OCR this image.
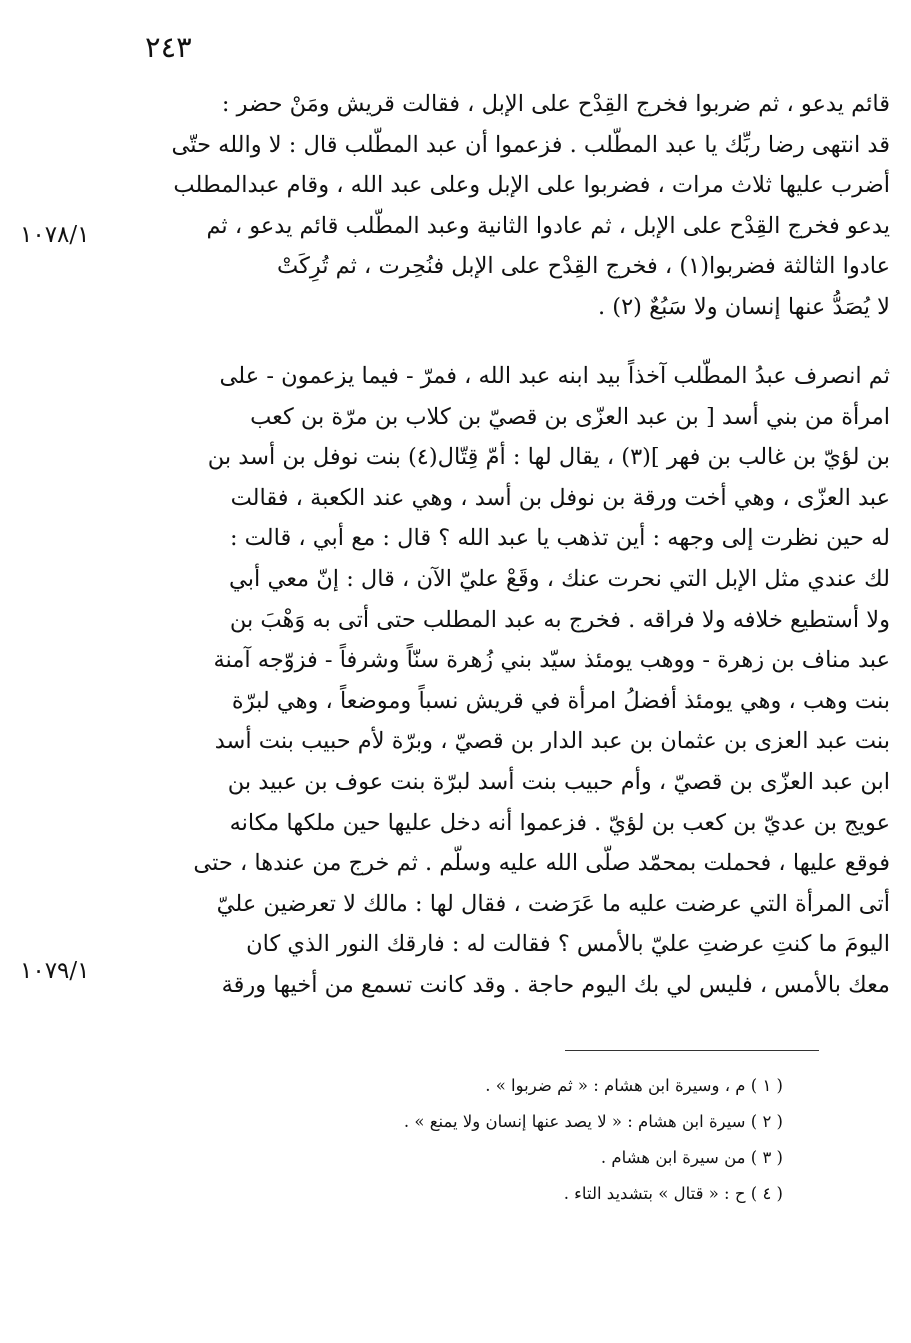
٢٤٣
قائم يدعو ، ثم ضربوا فخرج القِدْح على الإبل ، فقالت قريش ومَنْ حضر :
قد انتهى رضا ربِّك يا عبد المطّلب . فزعموا أن عبد المطّلب قال : لا والله حتّى
أضرب عليها ثلاث مرات ، فضربوا على الإبل وعلى عبد الله ، وقام عبدالمطلب
يدعو فخرج القِدْح على الإبل ، ثم عادوا الثانية وعبد المطّلب قائم يدعو ، ثم
عادوا الثالثة فضربوا(١) ، فخرج القِدْح على الإبل فنُحِرت ، ثم تُرِكَتْ
لا يُصَدُّ عنها إنسان ولا سَبُعٌ (٢) .
ثم انصرف عبدُ المطّلب آخذاً بيد ابنه عبد الله ، فمرّ - فيما يزعمون - على
امرأة من بني أسد [ بن عبد العزّى بن قصيّ بن كلاب بن مرّة بن كعب
بن لؤيّ بن غالب بن فهر ](٣) ، يقال لها : أمّ قِتّال(٤) بنت نوفل بن أسد بن
عبد العزّى ، وهي أخت ورقة بن نوفل بن أسد ، وهي عند الكعبة ، فقالت
له حين نظرت إلى وجهه : أين تذهب يا عبد الله ؟ قال : مع أبي ، قالت :
لك عندي مثل الإبل التي نحرت عنك ، وقَعْ عليّ الآن ، قال : إنّ معي أبي
ولا أستطيع خلافه ولا فراقه . فخرج به عبد المطلب حتى أتى به وَهْبَ بن
عبد مناف بن زهرة - ووهب يومئذ سيّد بني زُهرة سنّاً وشرفاً - فزوّجه آمنة
بنت وهب ، وهي يومئذ أفضلُ امرأة في قريش نسباً وموضعاً ، وهي لبرّة
بنت عبد العزى بن عثمان بن عبد الدار بن قصيّ ، وبرّة لأم حبيب بنت أسد
ابن عبد العزّى بن قصيّ ، وأم حبيب بنت أسد لبرّة بنت عوف بن عبيد بن
عويج بن عديّ بن كعب بن لؤيّ . فزعموا أنه دخل عليها حين ملكها مكانه
فوقع عليها ، فحملت بمحمّد صلّى الله عليه وسلّم . ثم خرج من عندها ، حتى
أتى المرأة التي عرضت عليه ما عَرَضت ، فقال لها : مالك لا تعرضين عليّ
اليومَ ما كنتِ عرضتِ عليّ بالأمس ؟ فقالت له : فارقك النور الذي كان
معك بالأمس ، فليس لي بك اليوم حاجة . وقد كانت تسمع من أخيها ورقة
١٠٧٨/١
١٠٧٩/١
( ١ ) م ، وسيرة ابن هشام : « ثم ضربوا » .
( ٢ ) سيرة ابن هشام : « لا يصد عنها إنسان ولا يمنع » .
( ٣ ) من سيرة ابن هشام .
( ٤ ) ح : « قتال » بتشديد التاء .
